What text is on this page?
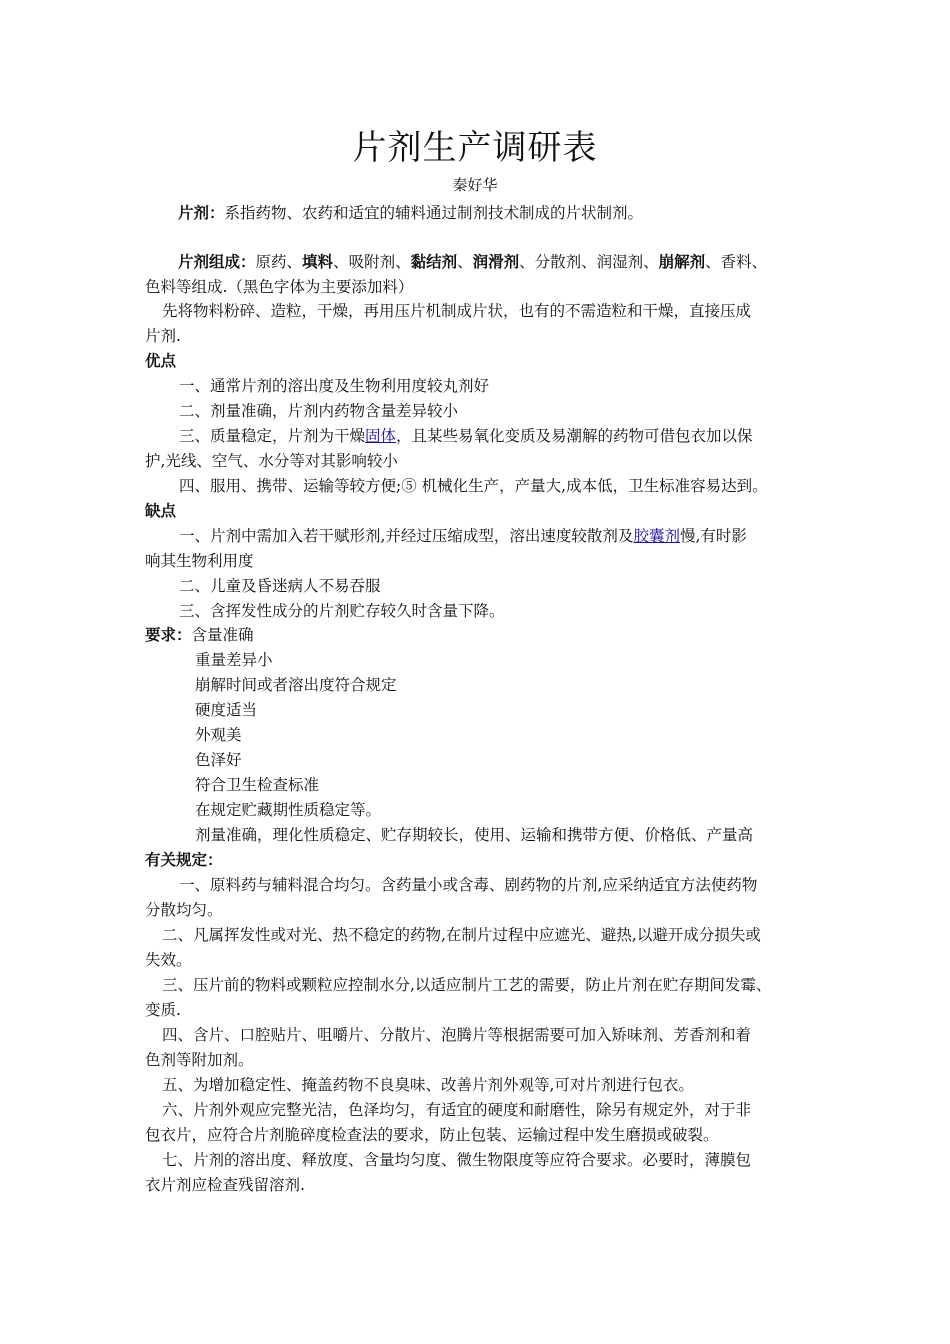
片剂生产调研表
秦好华
片剂：系指药物、农药和适宜的辅料通过制剂技术制成的片状制剂。
片剂组成：原药、填料、吸附剂、黏结剂、润滑剂、分散剂、润湿剂、崩解剂、香料、
色料等组成.（黑色字体为主要添加料）
先将物料粉碎、造粒，干燥，再用压片机制成片状，也有的不需造粒和干燥，直接压成
片剂.
优点
一、通常片剂的溶出度及生物利用度较丸剂好
二、剂量准确，片剂内药物含量差异较小
三、质量稳定，片剂为干燥固体，且某些易氧化变质及易潮解的药物可借包衣加以保
护,光线、空气、水分等对其影响较小
四、服用、携带、运输等较方便;⑤ 机械化生产，产量大,成本低，卫生标准容易达到。
缺点
一、片剂中需加入若干赋形剂,并经过压缩成型，溶出速度较散剂及胶囊剂慢,有时影
响其生物利用度
二、儿童及昏迷病人不易吞服
三、含挥发性成分的片剂贮存较久时含量下降。
要求：含量准确
重量差异小
崩解时间或者溶出度符合规定
硬度适当
外观美
色泽好
符合卫生检查标准
在规定贮藏期性质稳定等。
剂量准确，理化性质稳定、贮存期较长，使用、运输和携带方便、价格低、产量高
有关规定：
一、原料药与辅料混合均匀。含药量小或含毒、剧药物的片剂,应采纳适宜方法使药物
分散均匀。
二、凡属挥发性或对光、热不稳定的药物,在制片过程中应遮光、避热,以避开成分损失或
失效。
三、压片前的物料或颗粒应控制水分,以适应制片工艺的需要，防止片剂在贮存期间发霉、
变质.
四、含片、口腔贴片、咀嚼片、分散片、泡腾片等根据需要可加入矫味剂、芳香剂和着
色剂等附加剂。
五、为增加稳定性、掩盖药物不良臭味、改善片剂外观等,可对片剂进行包衣。
六、片剂外观应完整光洁，色泽均匀，有适宜的硬度和耐磨性，除另有规定外，对于非
包衣片，应符合片剂脆碎度检查法的要求，防止包装、运输过程中发生磨损或破裂。
七、片剂的溶出度、释放度、含量均匀度、微生物限度等应符合要求。必要时，薄膜包
衣片剂应检查残留溶剂.
